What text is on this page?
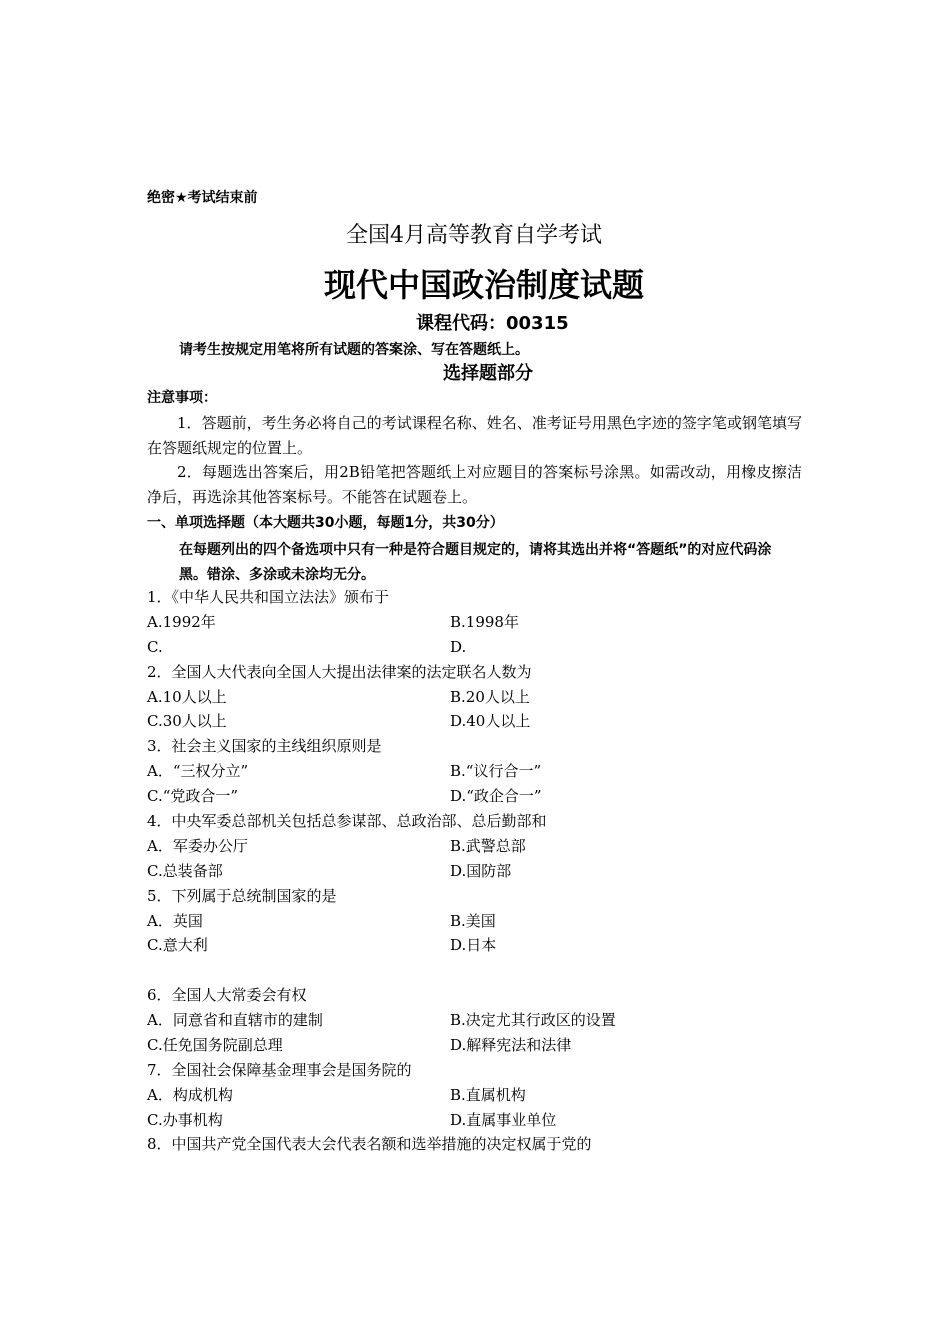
绝密★考试结束前
全国4月高等教育自学考试
现代中国政治制度试题
课程代码：00315
请考生按规定用笔将所有试题的答案涂、写在答题纸上。
选择题部分
注意事项：
1．答题前，考生务必将自己的考试课程名称、姓名、准考证号用黑色字迹的签字笔或钢笔填写在答题纸规定的位置上。
2．每题选出答案后，用2B铅笔把答题纸上对应题目的答案标号涂黑。如需改动，用橡皮擦洁净后，再选涂其他答案标号。不能答在试题卷上。
一、单项选择题（本大题共30小题，每题1分，共30分）
在每题列出的四个备选项中只有一种是符合题目规定的，请将其选出并将“答题纸”的对应代码涂黑。错涂、多涂或未涂均无分。
1．《中华人民共和国立法法》颁布于
A.1992年	B.1998年
C.	D.
2．全国人大代表向全国人大提出法律案的法定联名人数为
A.10人以上	B.20人以上
C.30人以上	D.40人以上
3．社会主义国家的主线组织原则是
A．“三权分立”	B.“议行合一”
C.“党政合一”	D.“政企合一”
4．中央军委总部机关包括总参谋部、总政治部、总后勤部和
A．军委办公厅	B.武警总部
C.总装备部	D.国防部
5．下列属于总统制国家的是
A．英国	B.美国
C.意大利	D.日本
6．全国人大常委会有权
A．同意省和直辖市的建制	B.决定尤其行政区的设置
C.任免国务院副总理	D.解释宪法和法律
7．全国社会保障基金理事会是国务院的
A．构成机构	B.直属机构
C.办事机构	D.直属事业单位
8．中国共产党全国代表大会代表名额和选举措施的决定权属于党的
